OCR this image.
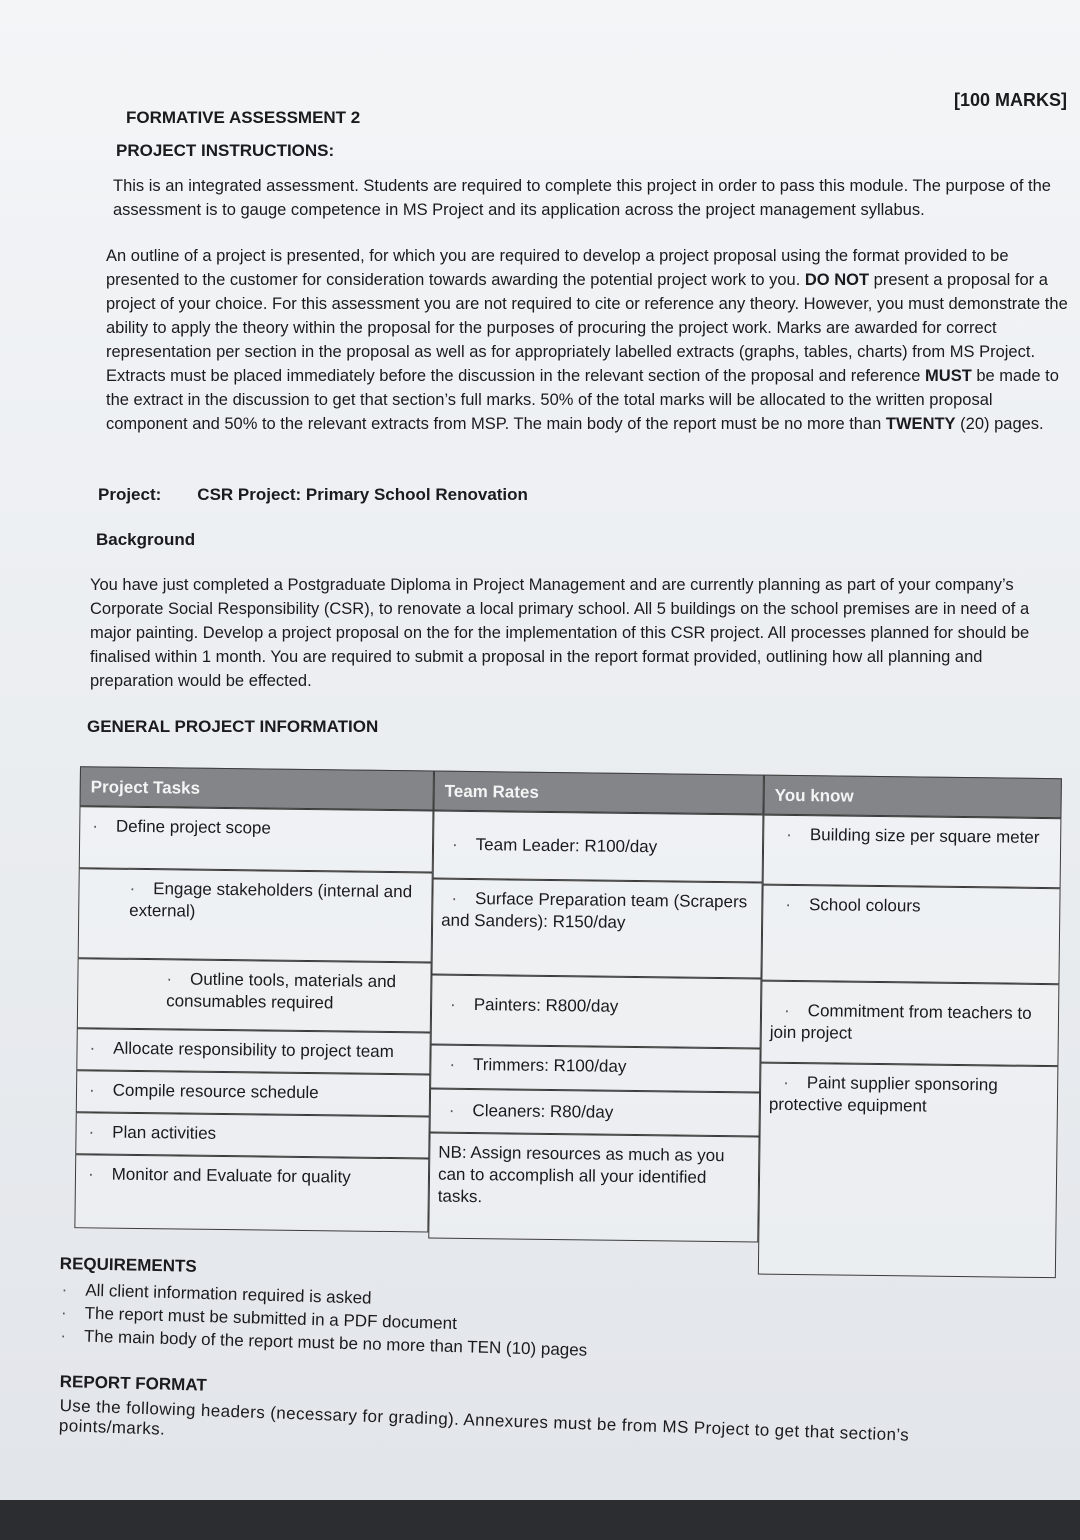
[100 MARKS]
FORMATIVE ASSESSMENT 2
PROJECT INSTRUCTIONS:
This is an integrated assessment. Students are required to complete this project in order to pass this module. The purpose of the assessment is to gauge competence in MS Project and its application across the project management syllabus.
An outline of a project is presented, for which you are required to develop a project proposal using the format provided to be presented to the customer for consideration towards awarding the potential project work to you. DO NOT present a proposal for a project of your choice. For this assessment you are not required to cite or reference any theory. However, you must demonstrate the ability to apply the theory within the proposal for the purposes of procuring the project work. Marks are awarded for correct representation per section in the proposal as well as for appropriately labelled extracts (graphs, tables, charts) from MS Project. Extracts must be placed immediately before the discussion in the relevant section of the proposal and reference MUST be made to the extract in the discussion to get that section’s full marks. 50% of the total marks will be allocated to the written proposal component and 50% to the relevant extracts from MSP. The main body of the report must be no more than TWENTY (20) pages.
Project: CSR Project: Primary School Renovation
Background
You have just completed a Postgraduate Diploma in Project Management and are currently planning as part of your company’s Corporate Social Responsibility (CSR), to renovate a local primary school. All 5 buildings on the school premises are in need of a major painting. Develop a project proposal on the for the implementation of this CSR project. All processes planned for should be finalised within 1 month. You are required to submit a proposal in the report format provided, outlining how all planning and preparation would be effected.
GENERAL PROJECT INFORMATION
Project Tasks	Team Rates	You know
· Define project scope
· Engage stakeholders (internal and external)
· Outline tools, materials and consumables required
· Allocate responsibility to project team
· Compile resource schedule
· Plan activities
· Monitor and Evaluate for quality
· Team Leader: R100/day
· Surface Preparation team (Scrapers and Sanders): R150/day
· Painters: R800/day
· Trimmers: R100/day
· Cleaners: R80/day
NB: Assign resources as much as you can to accomplish all your identified tasks.
· Building size per square meter
· School colours
· Commitment from teachers to join project
· Paint supplier sponsoring protective equipment
REQUIREMENTS
· All client information required is asked
· The report must be submitted in a PDF document
· The main body of the report must be no more than TEN (10) pages
REPORT FORMAT
Use the following headers (necessary for grading). Annexures must be from MS Project to get that section’s points/marks.
